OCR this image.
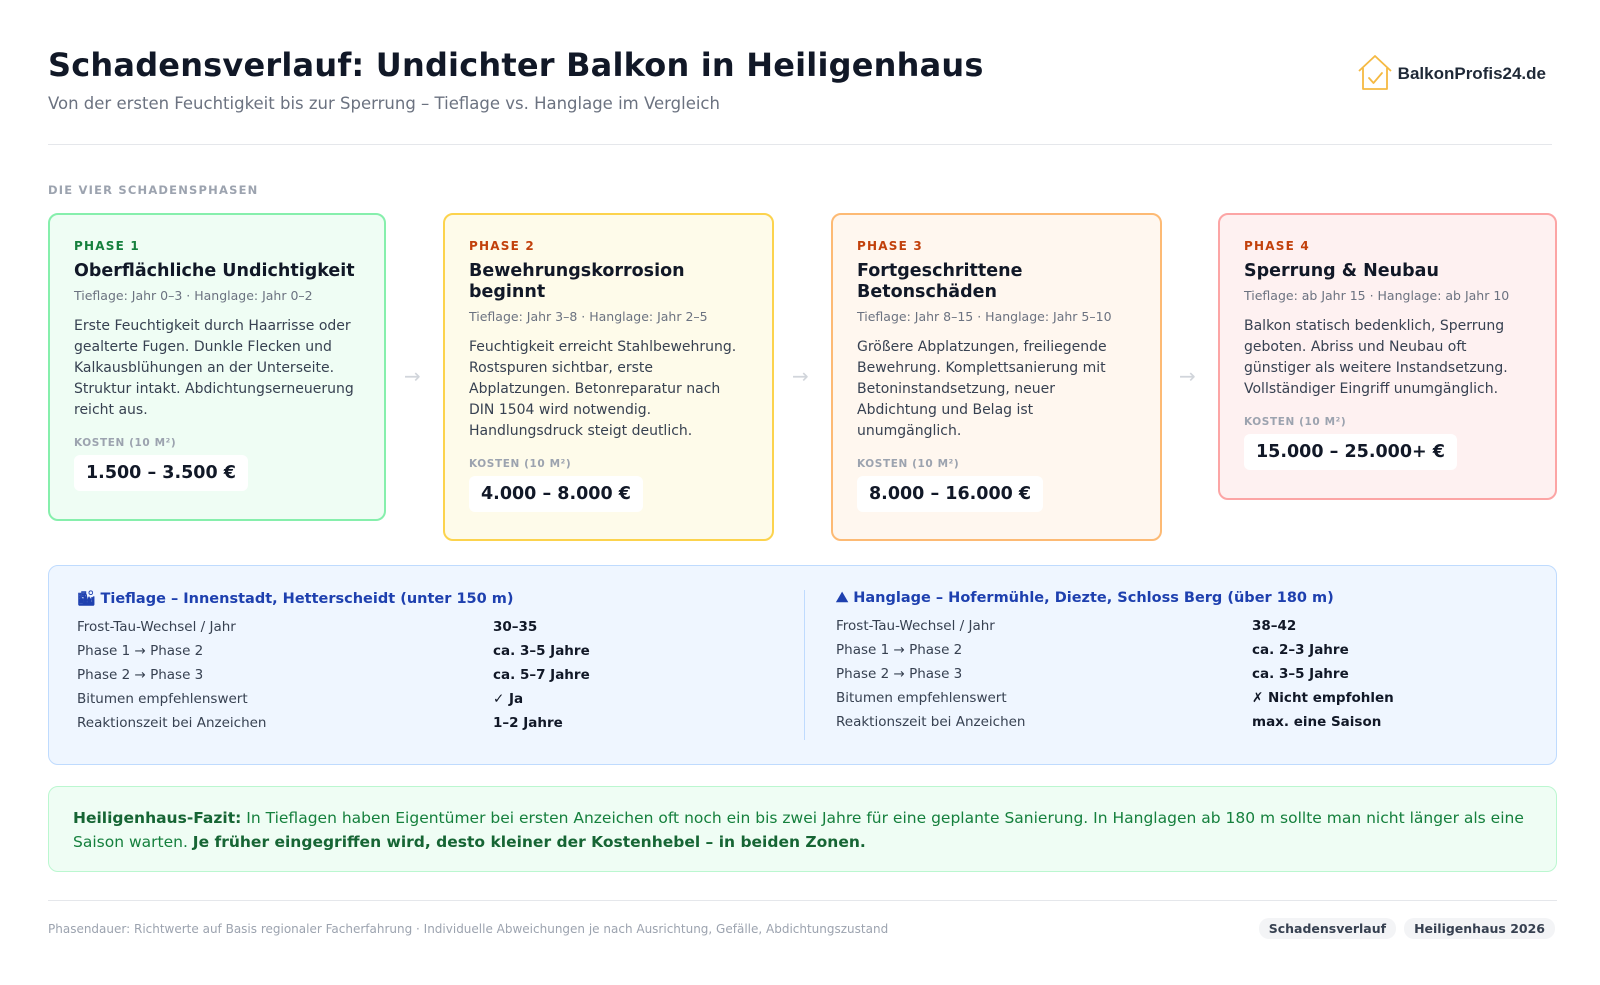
Schadensverlauf: Undichter Balkon in Heiligenhaus
Von der ersten Feuchtigkeit bis zur Sperrung – Tieflage vs. Hanglage im Vergleich
BalkonProfis24.de
DIE VIER SCHADENSPHASEN
PHASE 1
Oberflächliche Undichtigkeit
Tieflage: Jahr 0–3 · Hanglage: Jahr 0–2
Erste Feuchtigkeit durch Haarrisse oder gealterte Fugen. Dunkle Flecken und Kalkausblühungen an der Unterseite. Struktur intakt. Abdichtungserneuerung reicht aus.
KOSTEN (10 M²)
1.500 – 3.500 €
→
PHASE 2
Bewehrungskorrosion beginnt
Tieflage: Jahr 3–8 · Hanglage: Jahr 2–5
Feuchtigkeit erreicht Stahlbewehrung. Rostspuren sichtbar, erste Abplatzungen. Betonreparatur nach DIN 1504 wird notwendig. Handlungsdruck steigt deutlich.
KOSTEN (10 M²)
4.000 – 8.000 €
→
PHASE 3
Fortgeschrittene Betonschäden
Tieflage: Jahr 8–15 · Hanglage: Jahr 5–10
Größere Abplatzungen, freiliegende Bewehrung. Komplettsanierung mit Betoninstandsetzung, neuer Abdichtung und Belag ist unumgänglich.
KOSTEN (10 M²)
8.000 – 16.000 €
→
PHASE 4
Sperrung & Neubau
Tieflage: ab Jahr 15 · Hanglage: ab Jahr 10
Balkon statisch bedenklich, Sperrung geboten. Abriss und Neubau oft günstiger als weitere Instandsetzung. Vollständiger Eingriff unumgänglich.
KOSTEN (10 M²)
15.000 – 25.000+ €
🏙 Tieflage – Innenstadt, Hetterscheidt (unter 150 m)
Frost-Tau-Wechsel / Jahr	30–35
Phase 1 → Phase 2	ca. 3–5 Jahre
Phase 2 → Phase 3	ca. 5–7 Jahre
Bitumen empfehlenswert	✓ Ja
Reaktionszeit bei Anzeichen	1–2 Jahre
⛰ Hanglage – Hofermühle, Diezte, Schloss Berg (über 180 m)
Frost-Tau-Wechsel / Jahr	38–42
Phase 1 → Phase 2	ca. 2–3 Jahre
Phase 2 → Phase 3	ca. 3–5 Jahre
Bitumen empfehlenswert	✗ Nicht empfohlen
Reaktionszeit bei Anzeichen	max. eine Saison
Heiligenhaus-Fazit: In Tieflagen haben Eigentümer bei ersten Anzeichen oft noch ein bis zwei Jahre für eine geplante Sanierung. In Hanglagen ab 180 m sollte man nicht länger als eine Saison warten. Je früher eingegriffen wird, desto kleiner der Kostenhebel – in beiden Zonen.
Phasendauer: Richtwerte auf Basis regionaler Facherfahrung · Individuelle Abweichungen je nach Ausrichtung, Gefälle, Abdichtungszustand	Schadensverlauf	Heiligenhaus 2026
